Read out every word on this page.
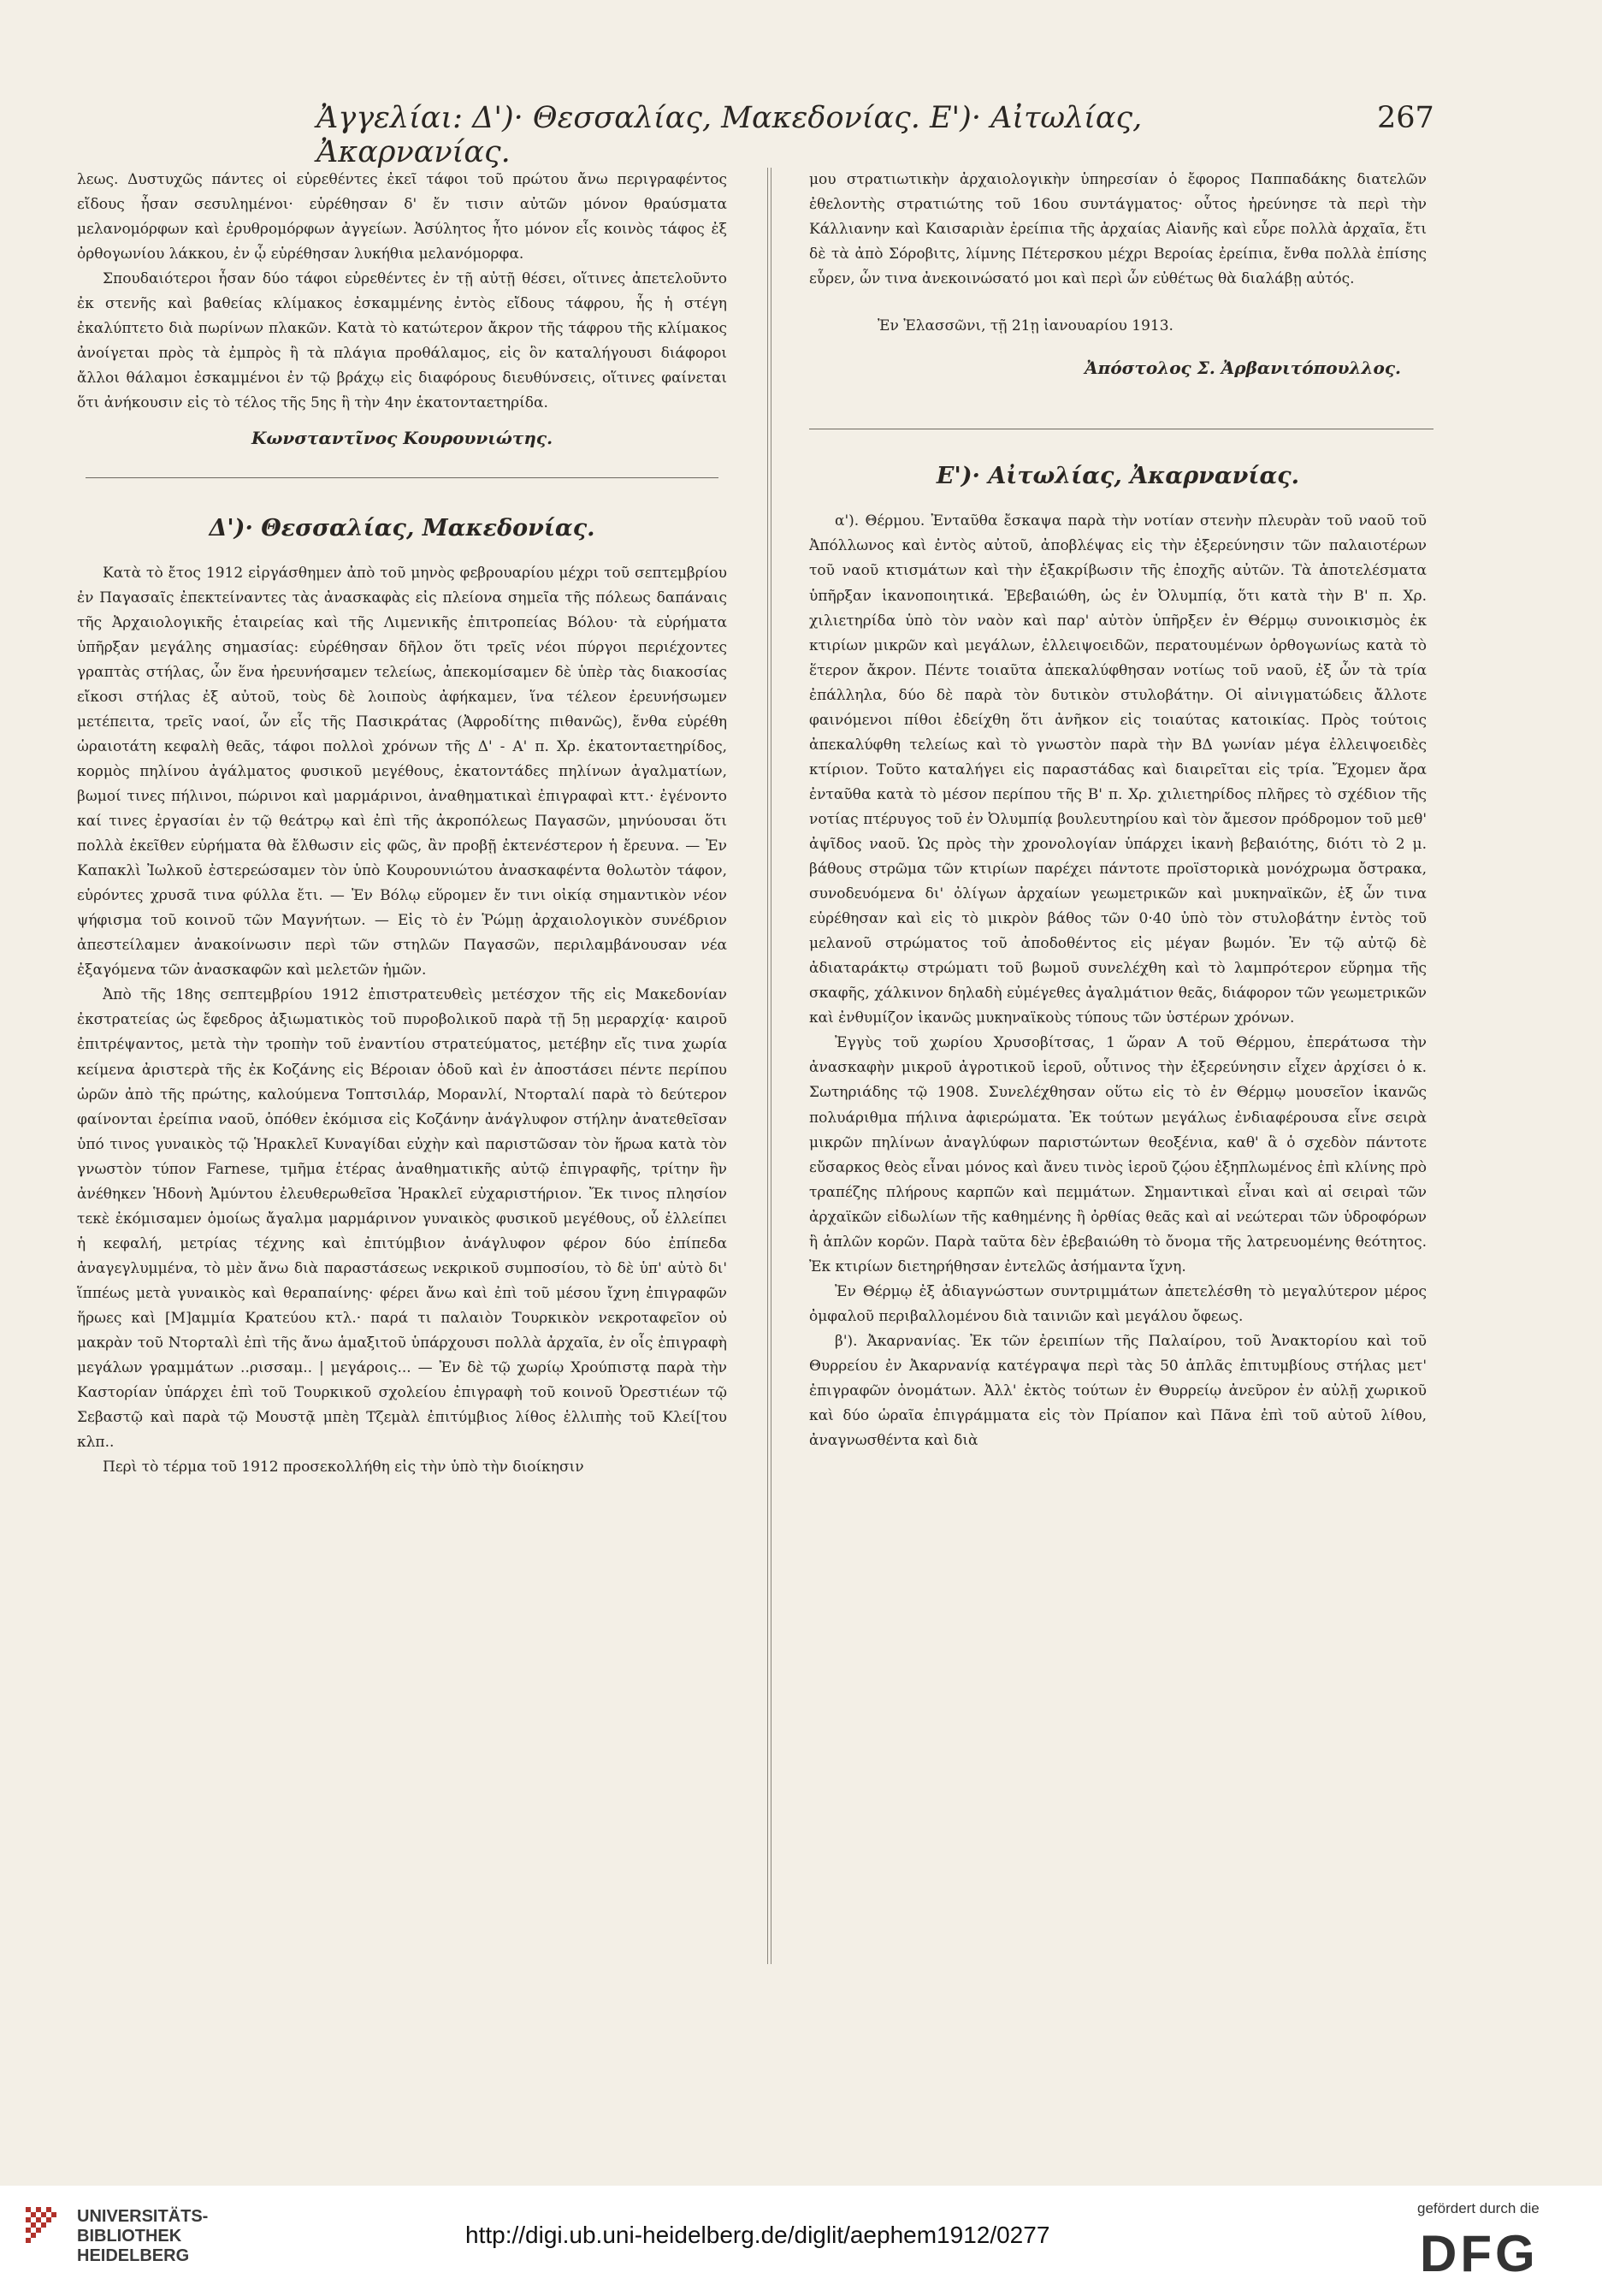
Ἀγγελίαι: Δ')· Θεσσαλίας, Μακεδονίας. Ε')· Αἰτωλίας, Ἀκαρνανίας.
267

λεως. Δυστυχῶς πάντες οἱ εὑρεθέντες ἐκεῖ τάφοι τοῦ πρώτου ἄνω περιγραφέντος εἴδους ἦσαν σεσυλημένοι· εὑρέθησαν δ' ἔν τισιν αὐτῶν μόνον θραύσματα μελανομόρφων καὶ ἐρυθρομόρφων ἀγγείων. Ἀσύλητος ἦτο μόνον εἷς κοινὸς τάφος ἐξ ὀρθογωνίου λάκκου, ἐν ᾧ εὑρέθησαν λυκήθια μελανόμορφα.

Σπουδαιότεροι ἦσαν δύο τάφοι εὑρεθέντες ἐν τῇ αὐτῇ θέσει, οἵτινες ἀπετελοῦντο ἐκ στενῆς καὶ βαθείας κλίμακος ἐσκαμμένης ἐντὸς εἴδους τάφρου, ἧς ἡ στέγη ἐκαλύπτετο διὰ πωρίνων πλακῶν. Κατὰ τὸ κατώτερον ἄκρον τῆς τάφρου τῆς κλίμακος ἀνοίγεται πρὸς τὰ ἐμπρὸς ἢ τὰ πλάγια προθάλαμος, εἰς ὃν καταλήγουσι διάφοροι ἄλλοι θάλαμοι ἐσκαμμένοι ἐν τῷ βράχῳ εἰς διαφόρους διευθύνσεις, οἵτινες φαίνεται ὅτι ἀνήκουσιν εἰς τὸ τέλος τῆς 5ης ἢ τὴν 4ην ἑκατονταετηρίδα.

Κωνσταντῖνος Κουρουνιώτης.
Δ')· Θεσσαλίας, Μακεδονίας.

Κατὰ τὸ ἔτος 1912 εἰργάσθημεν ἀπὸ τοῦ μηνὸς φεβρουαρίου μέχρι τοῦ σεπτεμβρίου ἐν Παγασαῖς ἐπεκτείναντες τὰς ἀνασκαφὰς εἰς πλείονα σημεῖα τῆς πόλεως δαπάναις τῆς Ἀρχαιολογικῆς ἑταιρείας καὶ τῆς Λιμενικῆς ἐπιτροπείας Βόλου· τὰ εὑρήματα ὑπῆρξαν μεγάλης σημασίας: εὑρέθησαν δῆλον ὅτι τρεῖς νέοι πύργοι περιέχοντες γραπτὰς στήλας, ὧν ἕνα ἠρευνήσαμεν τελείως, ἀπεκομίσαμεν δὲ ὑπὲρ τὰς διακοσίας εἴκοσι στήλας ἐξ αὐτοῦ, τοὺς δὲ λοιποὺς ἀφήκαμεν, ἵνα τέλεον ἐρευνήσωμεν μετέπειτα, τρεῖς ναοί, ὧν εἷς τῆς Πασικράτας (Ἀφροδίτης πιθανῶς), ἔνθα εὑρέθη ὡραιοτάτη κεφαλὴ θεᾶς, τάφοι πολλοὶ χρόνων τῆς Δ' - Α' π. Χρ. ἑκατονταετηρίδος, κορμὸς πηλίνου ἀγάλματος φυσικοῦ μεγέθους, ἑκατοντάδες πηλίνων ἀγαλματίων, βωμοί τινες πήλινοι, πώρινοι καὶ μαρμάρινοι, ἀναθηματικαὶ ἐπιγραφαὶ κττ.· ἐγένοντο καί τινες ἐργασίαι ἐν τῷ θεάτρῳ καὶ ἐπὶ τῆς ἀκροπόλεως Παγασῶν, μηνύουσαι ὅτι πολλὰ ἐκεῖθεν εὑρήματα θὰ ἔλθωσιν εἰς φῶς, ἂν προβῇ ἐκτενέστερον ἡ ἔρευνα. — Ἐν Καπακλὶ Ἰωλκοῦ ἐστερεώσαμεν τὸν ὑπὸ Κουρουνιώτου ἀνασκαφέντα θολωτὸν τάφον, εὑρόντες χρυσᾶ τινα φύλλα ἔτι. — Ἐν Βόλῳ εὕρομεν ἔν τινι οἰκίᾳ σημαντικὸν νέον ψήφισμα τοῦ κοινοῦ τῶν Μαγνήτων. — Εἰς τὸ ἐν Ῥώμῃ ἀρχαιολογικὸν συνέδριον ἀπεστείλαμεν ἀνακοίνωσιν περὶ τῶν στηλῶν Παγασῶν, περιλαμβάνουσαν νέα ἐξαγόμενα τῶν ἀνασκαφῶν καὶ μελετῶν ἡμῶν.

Ἀπὸ τῆς 18ης σεπτεμβρίου 1912 ἐπιστρατευθεὶς μετέσχον τῆς εἰς Μακεδονίαν ἐκστρατείας ὡς ἔφεδρος ἀξιωματικὸς τοῦ πυροβολικοῦ παρὰ τῇ 5ῃ μεραρχίᾳ· καιροῦ ἐπιτρέψαντος, μετὰ τὴν τροπὴν τοῦ ἐναντίου στρατεύματος, μετέβην εἴς τινα χωρία κείμενα ἀριστερὰ τῆς ἐκ Κοζάνης εἰς Βέροιαν ὁδοῦ καὶ ἐν ἀποστάσει πέντε περίπου ὡρῶν ἀπὸ τῆς πρώτης, καλούμενα Τοπτσιλάρ, Μορανλί, Ντορταλί παρὰ τὸ δεύτερον φαίνονται ἐρείπια ναοῦ, ὁπόθεν ἐκόμισα εἰς Κοζάνην ἀνάγλυφον στήλην ἀνατεθεῖσαν ὑπό τινος γυναικὸς τῷ Ἡρακλεῖ Κυναγίδαι εὐχὴν καὶ παριστῶσαν τὸν ἥρωα κατὰ τὸν γνωστὸν τύπον Farnese, τμῆμα ἑτέρας ἀναθηματικῆς αὐτῷ ἐπιγραφῆς, τρίτην ἣν ἀνέθηκεν Ἡδονὴ Ἀμύντου ἐλευθερωθεῖσα Ἡρακλεῖ εὐχαριστήριον. Ἔκ τινος πλησίον τεκὲ ἐκόμισαμεν ὁμοίως ἄγαλμα μαρμάρινον γυναικὸς φυσικοῦ μεγέθους, οὗ ἐλλείπει ἡ κεφαλή, μετρίας τέχνης καὶ ἐπιτύμβιον ἀνάγλυφον φέρον δύο ἐπίπεδα ἀναγεγλυμμένα, τὸ μὲν ἄνω διὰ παραστάσεως νεκρικοῦ συμποσίου, τὸ δὲ ὑπ' αὐτὸ δι' ἵππέως μετὰ γυναικὸς καὶ θεραπαίνης· φέρει ἄνω καὶ ἐπὶ τοῦ μέσου ἴχνη ἐπιγραφῶν ἥρωες καὶ [Μ]αμμία Κρατεύου κτλ.· παρά τι παλαιὸν Τουρκικὸν νεκροταφεῖον οὐ μακρὰν τοῦ Ντορταλὶ ἐπὶ τῆς ἄνω ἁμαξιτοῦ ὑπάρχουσι πολλὰ ἀρχαῖα, ἐν οἷς ἐπιγραφὴ μεγάλων γραμμάτων ..ρισσαμ.. | μεγάροις... — Ἐν δὲ τῷ χωρίῳ Χρούπιστᾳ παρὰ τὴν Καστορίαν ὑπάρχει ἐπὶ τοῦ Τουρκικοῦ σχολείου ἐπιγραφὴ τοῦ κοινοῦ Ὀρεστιέων τῷ Σεβαστῷ καὶ παρὰ τῷ Μουστᾷ μπὲη Τζεμὰλ ἐπιτύμβιος λίθος ἑλλιπὴς τοῦ Κλεί[του κλπ..

Περὶ τὸ τέρμα τοῦ 1912 προσεκολλήθη εἰς τὴν ὑπὸ τὴν διοίκησιν

μου στρατιωτικὴν ἀρχαιολογικὴν ὑπηρεσίαν ὁ ἔφορος Παππαδάκης διατελῶν ἐθελοντὴς στρατιώτης τοῦ 16ου συντάγματος· οὗτος ἠρεύνησε τὰ περὶ τὴν Κάλλιανην καὶ Καισαριὰν ἐρείπια τῆς ἀρχαίας Αἰανῆς καὶ εὗρε πολλὰ ἀρχαῖα, ἔτι δὲ τὰ ἀπὸ Σόροβιτς, λίμνης Πέτερσκου μέχρι Βεροίας ἐρείπια, ἔνθα πολλὰ ἐπίσης εὗρεν, ὧν τινα ἀνεκοινώσατό μοι καὶ περὶ ὧν εὐθέτως θὰ διαλάβῃ αὐτός.

Ἐν Ἐλασσῶνι, τῇ 21ῃ ἰανουαρίου 1913.
Ἀπόστολος Σ. Ἀρβανιτόπουλλος.
Ε')· Αἰτωλίας, Ἀκαρνανίας.

α'). Θέρμου. Ἐνταῦθα ἔσκαψα παρὰ τὴν νοτίαν στενὴν πλευρὰν τοῦ ναοῦ τοῦ Ἀπόλλωνος καὶ ἐντὸς αὐτοῦ, ἀποβλέψας εἰς τὴν ἐξερεύνησιν τῶν παλαιοτέρων τοῦ ναοῦ κτισμάτων καὶ τὴν ἐξακρίβωσιν τῆς ἐποχῆς αὐτῶν. Τὰ ἀποτελέσματα ὑπῆρξαν ἱκανοποιητικά. Ἐβεβαιώθη, ὡς ἐν Ὀλυμπίᾳ, ὅτι κατὰ τὴν Β' π. Χρ. χιλιετηρίδα ὑπὸ τὸν ναὸν καὶ παρ' αὐτὸν ὑπῆρξεν ἐν Θέρμῳ συνοικισμὸς ἐκ κτιρίων μικρῶν καὶ μεγάλων, ἐλλειψοειδῶν, περατουμένων ὀρθογωνίως κατὰ τὸ ἕτερον ἄκρον. Πέντε τοιαῦτα ἀπεκαλύφθησαν νοτίως τοῦ ναοῦ, ἐξ ὧν τὰ τρία ἐπάλληλα, δύο δὲ παρὰ τὸν δυτικὸν στυλοβάτην. Οἱ αἰνιγματώδεις ἄλλοτε φαινόμενοι πίθοι ἐδείχθη ὅτι ἀνῆκον εἰς τοιαύτας κατοικίας. Πρὸς τούτοις ἀπεκαλύφθη τελείως καὶ τὸ γνωστὸν παρὰ τὴν ΒΔ γωνίαν μέγα ἐλλειψοειδὲς κτίριον. Τοῦτο καταλήγει εἰς παραστάδας καὶ διαιρεῖται εἰς τρία. Ἔχομεν ἄρα ἐνταῦθα κατὰ τὸ μέσον περίπου τῆς Β' π. Χρ. χιλιετηρίδος πλῆρες τὸ σχέδιον τῆς νοτίας πτέρυγος τοῦ ἐν Ὀλυμπίᾳ βουλευτηρίου καὶ τὸν ἄμεσον πρόδρομον τοῦ μεθ' ἀψῖδος ναοῦ. Ὡς πρὸς τὴν χρονολογίαν ὑπάρχει ἱκανὴ βεβαιότης, διότι τὸ 2 μ. βάθους στρῶμα τῶν κτιρίων παρέχει πάντοτε προϊστορικὰ μονόχρωμα ὄστρακα, συνοδευόμενα δι' ὀλίγων ἀρχαίων γεωμετρικῶν καὶ μυκηναϊκῶν, ἐξ ὧν τινα εὑρέθησαν καὶ εἰς τὸ μικρὸν βάθος τῶν 0·40 ὑπὸ τὸν στυλοβάτην ἐντὸς τοῦ μελανοῦ στρώματος τοῦ ἀποδοθέντος εἰς μέγαν βωμόν. Ἐν τῷ αὐτῷ δὲ ἀδιαταράκτῳ στρώματι τοῦ βωμοῦ συνελέχθη καὶ τὸ λαμπρότερον εὕρημα τῆς σκαφῆς, χάλκινον δηλαδὴ εὐμέγεθες ἀγαλμάτιον θεᾶς, διάφορον τῶν γεωμετρικῶν καὶ ἐνθυμίζον ἱκανῶς μυκηναϊκοὺς τύπους τῶν ὑστέρων χρόνων.

Ἐγγὺς τοῦ χωρίου Χρυσοβίτσας, 1 ὥραν Α τοῦ Θέρμου, ἐπεράτωσα τὴν ἀνασκαφὴν μικροῦ ἀγροτικοῦ ἱεροῦ, οὗτινος τὴν ἐξερεύνησιν εἶχεν ἀρχίσει ὁ κ. Σωτηριάδης τῷ 1908. Συνελέχθησαν οὕτω εἰς τὸ ἐν Θέρμῳ μουσεῖον ἱκανῶς πολυάριθμα πήλινα ἀφιερώματα. Ἐκ τούτων μεγάλως ἐνδιαφέρουσα εἶνε σειρὰ μικρῶν πηλίνων ἀναγλύφων παριστώντων θεοξένια, καθ' ἃ ὁ σχεδὸν πάντοτε εὔσαρκος θεὸς εἶναι μόνος καὶ ἄνευ τινὸς ἱεροῦ ζῴου ἐξηπλωμένος ἐπὶ κλίνης πρὸ τραπέζης πλήρους καρπῶν καὶ πεμμάτων. Σημαντικαὶ εἶναι καὶ αἱ σειραὶ τῶν ἀρχαϊκῶν εἰδωλίων τῆς καθημένης ἢ ὀρθίας θεᾶς καὶ αἱ νεώτεραι τῶν ὑδροφόρων ἢ ἁπλῶν κορῶν. Παρὰ ταῦτα δὲν ἐβεβαιώθη τὸ ὄνομα τῆς λατρευομένης θεότητος. Ἐκ κτιρίων διετηρήθησαν ἐντελῶς ἀσήμαντα ἴχνη.

Ἐν Θέρμῳ ἐξ ἀδιαγνώστων συντριμμάτων ἀπετελέσθη τὸ μεγαλύτερον μέρος ὀμφαλοῦ περιβαλλομένου διὰ ταινιῶν καὶ μεγάλου ὄφεως.

β'). Ἀκαρνανίας. Ἐκ τῶν ἐρειπίων τῆς Παλαίρου, τοῦ Ἀνακτορίου καὶ τοῦ Θυρρείου ἐν Ἀκαρνανίᾳ κατέγραψα περὶ τὰς 50 ἁπλᾶς ἐπιτυμβίους στήλας μετ' ἐπιγραφῶν ὀνομάτων. Ἀλλ' ἐκτὸς τούτων ἐν Θυρρείῳ ἀνεῦρον ἐν αὐλῇ χωρικοῦ καὶ δύο ὡραῖα ἐπιγράμματα εἰς τὸν Πρίαπον καὶ Πᾶνα ἐπὶ τοῦ αὐτοῦ λίθου, ἀναγνωσθέντα καὶ διὰ

UNIVERSITÄTS-
BIBLIOTHEK
HEIDELBERG
http://digi.ub.uni-heidelberg.de/diglit/aephem1912/0277
gefördert durch die
DFG
